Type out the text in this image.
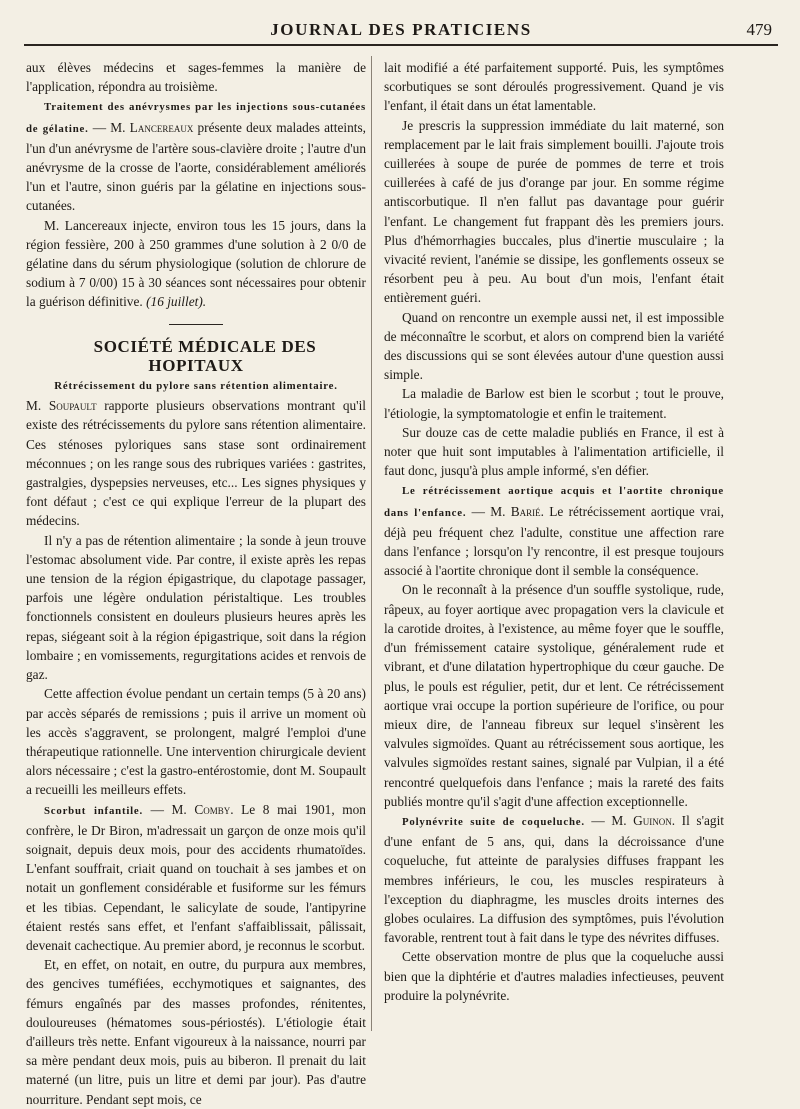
JOURNAL DES PRATICIENS	479

aux élèves médecins et sages-femmes la manière de l'application, répondra au troisième.

Traitement des anévrysmes par les injections sous-cutanées de gélatine. — M. Lancereaux présente deux malades atteints, l'un d'un anévrysme de l'artère sous-clavière droite ; l'autre d'un anévrysme de la crosse de l'aorte, considérablement améliorés l'un et l'autre, sinon guéris par la gélatine en injections sous-cutanées.

M. Lancereaux injecte, environ tous les 15 jours, dans la région fessière, 200 à 250 grammes d'une solution à 2 0/0 de gélatine dans du sérum physiologique (solution de chlorure de sodium à 7 0/00) 15 à 30 séances sont nécessaires pour obtenir la guérison définitive. (16 juillet).

SOCIÉTÉ MÉDICALE DES HOPITAUX

Rétrécissement du pylore sans rétention alimentaire.

M. Soupault rapporte plusieurs observations montrant qu'il existe des rétrécissements du pylore sans rétention alimentaire. Ces sténoses pyloriques sans stase sont ordinairement méconnues ; on les range sous des rubriques variées : gastrites, gastralgies, dyspepsies nerveuses, etc... Les signes physiques y font défaut ; c'est ce qui explique l'erreur de la plupart des médecins.

Il n'y a pas de rétention alimentaire ; la sonde à jeun trouve l'estomac absolument vide. Par contre, il existe après les repas une tension de la région épigastrique, du clapotage passager, parfois une légère ondulation péristaltique. Les troubles fonctionnels consistent en douleurs plusieurs heures après les repas, siégeant soit à la région épigastrique, soit dans la région lombaire ; en vomissements, regurgitations acides et renvois de gaz.

Cette affection évolue pendant un certain temps (5 à 20 ans) par accès séparés de remissions ; puis il arrive un moment où les accès s'aggravent, se prolongent, malgré l'emploi d'une thérapeutique rationnelle. Une intervention chirurgicale devient alors nécessaire ; c'est la gastro-entérostomie, dont M. Soupault a recueilli les meilleurs effets.

Scorbut infantile. — M. Comby. Le 8 mai 1901, mon confrère, le Dr Biron, m'adressait un garçon de onze mois qu'il soignait, depuis deux mois, pour des accidents rhumatoïdes. L'enfant souffrait, criait quand on touchait à ses jambes et on notait un gonflement considérable et fusiforme sur les fémurs et les tibias. Cependant, le salicylate de soude, l'antipyrine étaient restés sans effet, et l'enfant s'affaiblissait, pâlissait, devenait cachectique. Au premier abord, je reconnus le scorbut.

Et, en effet, on notait, en outre, du purpura aux membres, des gencives tuméfiées, ecchymotiques et saignantes, des fémurs engaînés par des masses profondes, rénitentes, douloureuses (hématomes sous-périostés). L'étiologie était d'ailleurs très nette. Enfant vigoureux à la naissance, nourri par sa mère pendant deux mois, puis au biberon. Il prenait du lait materné (un litre, puis un litre et demi par jour). Pas d'autre nourriture. Pendant sept mois, ce

lait modifié a été parfaitement supporté. Puis, les symptômes scorbutiques se sont déroulés progressivement. Quand je vis l'enfant, il était dans un état lamentable.

Je prescris la suppression immédiate du lait materné, son remplacement par le lait frais simplement bouilli. J'ajoute trois cuillerées à soupe de purée de pommes de terre et trois cuillerées à café de jus d'orange par jour. En somme régime antiscorbutique. Il n'en fallut pas davantage pour guérir l'enfant. Le changement fut frappant dès les premiers jours. Plus d'hémorrhagies buccales, plus d'inertie musculaire ; la vivacité revient, l'anémie se dissipe, les gonflements osseux se résorbent peu à peu. Au bout d'un mois, l'enfant était entièrement guéri.

Quand on rencontre un exemple aussi net, il est impossible de méconnaître le scorbut, et alors on comprend bien la variété des discussions qui se sont élevées autour d'une question aussi simple.

La maladie de Barlow est bien le scorbut ; tout le prouve, l'étiologie, la symptomatologie et enfin le traitement.

Sur douze cas de cette maladie publiés en France, il est à noter que huit sont imputables à l'alimentation artificielle, il faut donc, jusqu'à plus ample informé, s'en défier.

Le rétrécissement aortique acquis et l'aortite chronique dans l'enfance. — M. Barié. Le rétrécissement aortique vrai, déjà peu fréquent chez l'adulte, constitue une affection rare dans l'enfance ; lorsqu'on l'y rencontre, il est presque toujours associé à l'aortite chronique dont il semble la conséquence.

On le reconnaît à la présence d'un souffle systolique, rude, râpeux, au foyer aortique avec propagation vers la clavicule et la carotide droites, à l'existence, au même foyer que le souffle, d'un frémissement cataire systolique, généralement rude et vibrant, et d'une dilatation hypertrophique du cœur gauche. De plus, le pouls est régulier, petit, dur et lent. Ce rétrécissement aortique vrai occupe la portion supérieure de l'orifice, ou pour mieux dire, de l'anneau fibreux sur lequel s'insèrent les valvules sigmoïdes. Quant au rétrécissement sous aortique, les valvules sigmoïdes restant saines, signalé par Vulpian, il a été rencontré quelquefois dans l'enfance ; mais la rareté des faits publiés montre qu'il s'agit d'une affection exceptionnelle.

Polynévrite suite de coqueluche. — M. Guinon. Il s'agit d'une enfant de 5 ans, qui, dans la décroissance d'une coqueluche, fut atteinte de paralysies diffuses frappant les membres inférieurs, le cou, les muscles respirateurs à l'exception du diaphragme, les muscles droits internes des globes oculaires. La diffusion des symptômes, puis l'évolution favorable, rentrent tout à fait dans le type des névrites diffuses.

Cette observation montre de plus que la coqueluche aussi bien que la diphtérie et d'autres maladies infectieuses, peuvent produire la polynévrite.
